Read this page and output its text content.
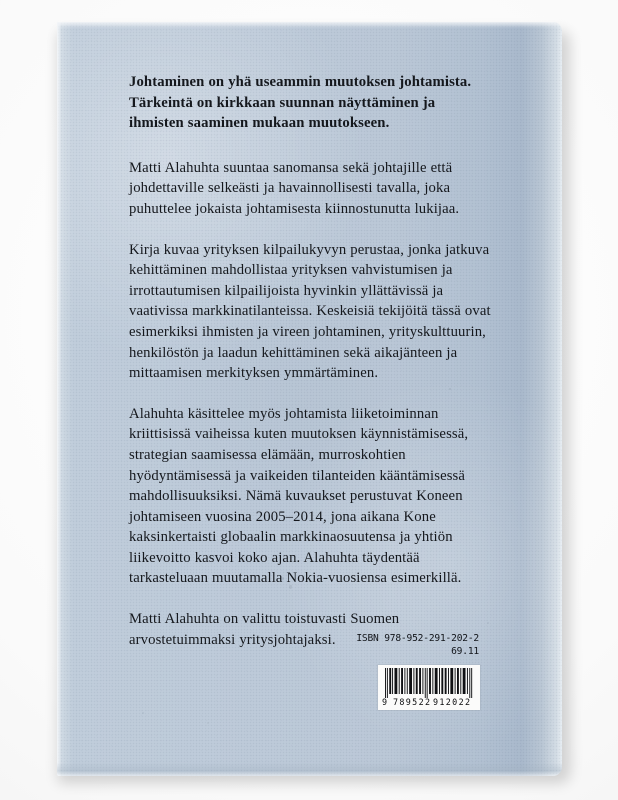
Johtaminen on yhä useammin muutoksen johtamista. Tärkeintä on kirkkaan suunnan näyttäminen ja ihmisten saaminen mukaan muutokseen.

Matti Alahuhta suuntaa sanomansa sekä johtajille että johdettaville selkeästi ja havainnollisesti tavalla, joka puhuttelee jokaista johtamisesta kiinnostunutta lukijaa.

Kirja kuvaa yrityksen kilpailukyvyn perustaa, jonka jatkuva kehittäminen mahdollistaa yrityksen vahvistumisen ja irrottautumisen kilpailijoista hyvinkin yllättävissä ja vaativissa markkinatilanteissa. Keskeisiä tekijöitä tässä ovat esimerkiksi ihmisten ja vireen johtaminen, yrityskulttuurin, henkilöstön ja laadun kehittäminen sekä aikajänteen ja mittaamisen merkityksen ymmärtäminen.

Alahuhta käsittelee myös johtamista liiketoiminnan kriittisissä vaiheissa kuten muutoksen käynnistämisessä, strategian saamisessa elämään, murroskohtien hyödyntämisessä ja vaikeiden tilanteiden kääntämisessä mahdollisuuksiksi. Nämä kuvaukset perustuvat Koneen johtamiseen vuosina 2005–2014, jona aikana Kone kaksinkertaisti globaalin markkinaosuutensa ja yhtiön liikevoitto kasvoi koko ajan. Alahuhta täydentää tarkasteluaan muutamalla Nokia-vuosiensa esimerkillä.

Matti Alahuhta on valittu toistuvasti Suomen arvostetuimmaksi yritysjohtajaksi.	ISBN 978-952-291-202-2
69.11
9 789522 912022
